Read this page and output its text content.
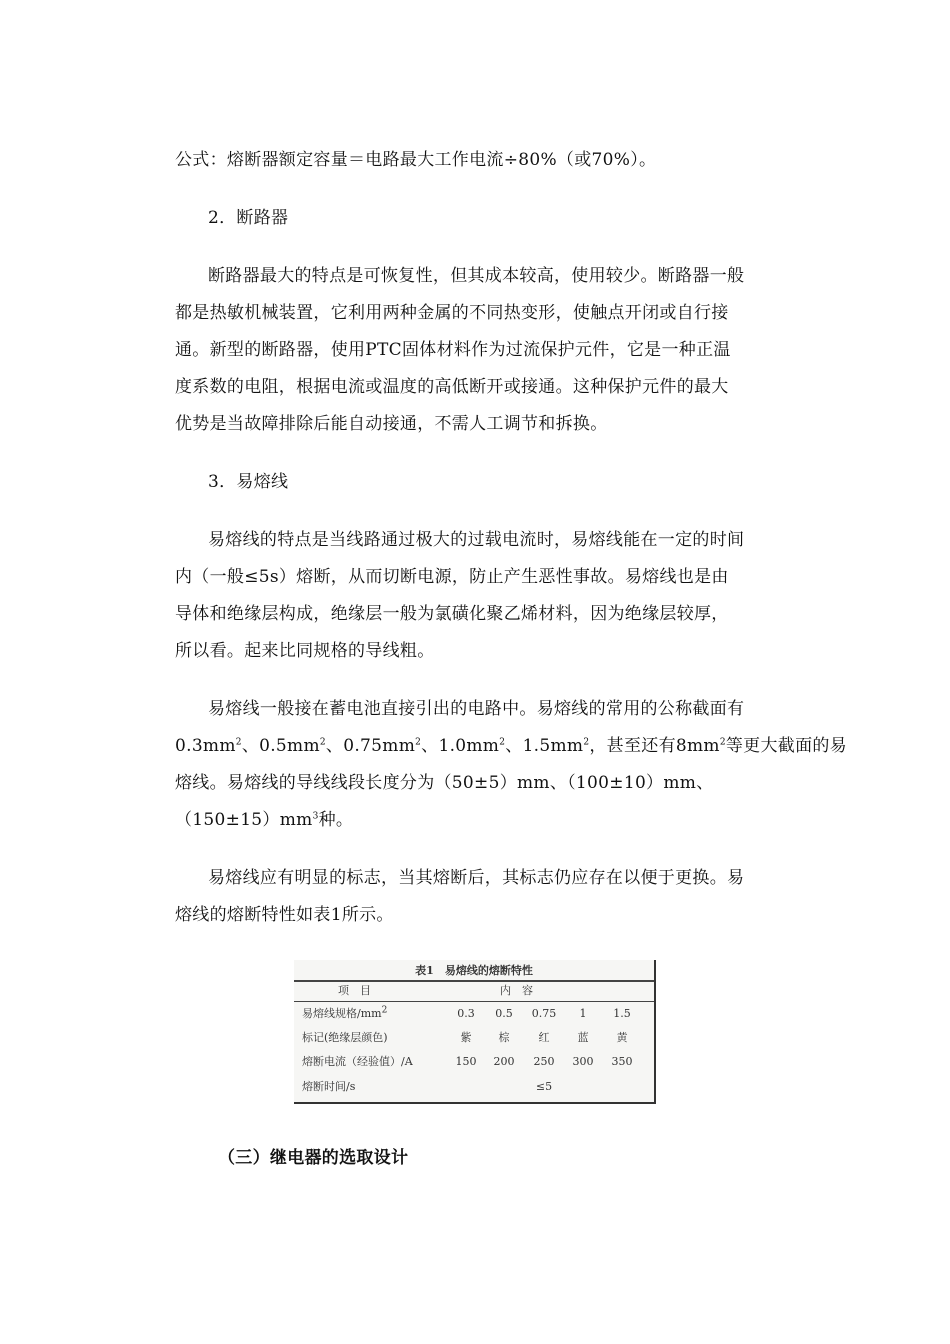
公式：熔断器额定容量＝电路最大工作电流÷80%（或70%）。
2．断路器
断路器最大的特点是可恢复性，但其成本较高，使用较少。断路器一般
都是热敏机械装置，它利用两种金属的不同热变形，使触点开闭或自行接
通。新型的断路器，使用PTC固体材料作为过流保护元件，它是一种正温
度系数的电阻，根据电流或温度的高低断开或接通。这种保护元件的最大
优势是当故障排除后能自动接通，不需人工调节和拆换。
3．易熔线
易熔线的特点是当线路通过极大的过载电流时，易熔线能在一定的时间
内（一般≤5s）熔断，从而切断电源，防止产生恶性事故。易熔线也是由
导体和绝缘层构成，绝缘层一般为氯磺化聚乙烯材料，因为绝缘层较厚，
所以看。起来比同规格的导线粗。
易熔线一般接在蓄电池直接引出的电路中。易熔线的常用的公称截面有
$0.3mm^2$、$0.5mm^2$、$0.75mm^2$、$1.0mm^2$、$1.5mm^2$，甚至还有$8mm^2$等更大截面的易
熔线。易熔线的导线线段长度分为（50±5）mm、（100±10）mm、
$(150\pm 15)mm^3$种。
易熔线应有明显的标志，当其熔断后，其标志仍应存在以便于更换。易
熔线的熔断特性如表1所示。
表1　易熔线的熔断特性
项　目	内　容
易熔线规格$/mm^2$	0.3	0.5	0.75	1	1.5
标记(绝缘层颜色)	紫	棕	红	蓝	黄
熔断电流（经验值）/A	150	200	250	300	350
熔断时间/s	≤5
（三）继电器的选取设计
